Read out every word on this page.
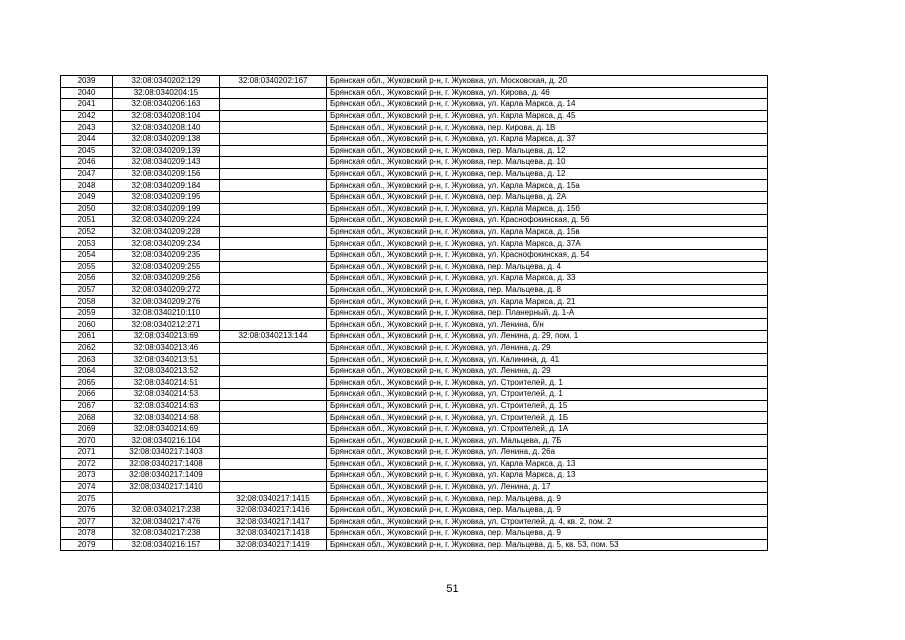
2039	32:08:0340202:129	32:08:0340202:167	Брянская обл., Жуковский р-н, г. Жуковка, ул. Московская, д. 20
2040	32:08:0340204:15		Брянская обл., Жуковский р-н, г. Жуковка, ул. Кирова, д. 46
2041	32:08:0340206:163		Брянская обл., Жуковский р-н, г. Жуковка, ул. Карла Маркса, д. 14
2042	32:08:0340208:104		Брянская обл., Жуковский р-н, г. Жуковка, ул. Карла Маркса, д. 45
2043	32:08:0340208:140		Брянская обл., Жуковский р-н, г. Жуковка, пер. Кирова, д. 1В
2044	32:08:0340209:138		Брянская обл., Жуковский р-н, г. Жуковка, ул. Карла Маркса, д. 37
2045	32:08:0340209:139		Брянская обл., Жуковский р-н, г. Жуковка, пер. Мальцева, д. 12
2046	32:08:0340209:143		Брянская обл., Жуковский р-н, г. Жуковка, пер. Мальцева, д. 10
2047	32:08:0340209:156		Брянская обл., Жуковский р-н, г. Жуковка, пер. Мальцева, д. 12
2048	32:08:0340209:184		Брянская обл., Жуковский р-н, г. Жуковка, ул. Карла Маркса, д. 15а
2049	32:08:0340209:195		Брянская обл., Жуковский р-н, г. Жуковка, пер. Мальцева, д. 2А
2050	32:08:0340209:199		Брянская обл., Жуковский р-н, г. Жуковка, ул. Карла Маркса, д. 15б
2051	32:08:0340209:224		Брянская обл., Жуковский р-н, г. Жуковка, ул. Краснофокинская, д. 56
2052	32:08:0340209:228		Брянская обл., Жуковский р-н, г. Жуковка, ул. Карла Маркса, д. 15в
2053	32:08:0340209:234		Брянская обл., Жуковский р-н, г. Жуковка, ул. Карла Маркса, д. 37А
2054	32:08:0340209:235		Брянская обл., Жуковский р-н, г. Жуковка, ул. Краснофокинская, д. 54
2055	32:08:0340209:255		Брянская обл., Жуковский р-н, г. Жуковка, пер. Мальцева, д. 4
2056	32:08:0340209:256		Брянская обл., Жуковский р-н, г. Жуковка, ул. Карла Маркса, д. 33
2057	32:08:0340209:272		Брянская обл., Жуковский р-н, г. Жуковка, пер. Мальцева, д. 8
2058	32:08:0340209:276		Брянская обл., Жуковский р-н, г. Жуковка, ул. Карла Маркса, д. 21
2059	32:08:0340210:110		Брянская обл., Жуковский р-н, г. Жуковка, пер. Планерный, д. 1-А
2060	32:08:0340212:271		Брянская обл., Жуковский р-н, г. Жуковка, ул. Ленина, б/н
2061	32:08:0340213:69	32:08:0340213:144	Брянская обл., Жуковский р-н, г. Жуковка, ул. Ленина, д. 29, пом. 1
2062	32:08:0340213:46		Брянская обл., Жуковский р-н, г. Жуковка, ул. Ленина, д. 29
2063	32:08:0340213:51		Брянская обл., Жуковский р-н, г. Жуковка, ул. Калинина, д. 41
2064	32:08:0340213:52		Брянская обл., Жуковский р-н, г. Жуковка, ул. Ленина, д. 29
2065	32:08:0340214:51		Брянская обл., Жуковский р-н, г. Жуковка, ул. Строителей, д. 1
2066	32:08:0340214:53		Брянская обл., Жуковский р-н, г. Жуковка, ул. Строителей, д. 1
2067	32:08:0340214:63		Брянская обл., Жуковский р-н, г. Жуковка, ул. Строителей, д. 15
2068	32:08:0340214:68		Брянская обл., Жуковский р-н, г. Жуковка, ул. Строителей, д. 1Б
2069	32:08:0340214:69		Брянская обл., Жуковский р-н, г. Жуковка, ул. Строителей, д. 1А
2070	32:08:0340216:104		Брянская обл., Жуковский р-н, г. Жуковка, ул. Мальцева, д. 7Б
2071	32:08:0340217:1403		Брянская обл., Жуковский р-н, г. Жуковка, ул. Ленина, д. 26а
2072	32:08:0340217:1408		Брянская обл., Жуковский р-н, г. Жуковка, ул. Карла Маркса, д. 13
2073	32:08:0340217:1409		Брянская обл., Жуковский р-н, г. Жуковка, ул. Карла Маркса, д. 13
2074	32:08:0340217:1410		Брянская обл., Жуковский р-н, г. Жуковка, ул. Ленина, д. 17
2075		32:08:0340217:1415	Брянская обл., Жуковский р-н, г. Жуковка, пер. Мальцева, д. 9
2076	32:08:0340217:238	32:08:0340217:1416	Брянская обл., Жуковский р-н, г. Жуковка, пер. Мальцева, д. 9
2077	32:08:0340217:476	32:08:0340217:1417	Брянская обл., Жуковский р-н, г. Жуковка, ул. Строителей, д. 4, кв. 2, пом. 2
2078	32:08:0340217:238	32:08:0340217:1418	Брянская обл., Жуковский р-н, г. Жуковка, пер. Мальцева, д. 9
2079	32:08:0340216:157	32:08:0340217:1419	Брянская обл., Жуковский р-н, г. Жуковка, пер. Мальцева, д. 5, кв. 53, пом. 53
51
